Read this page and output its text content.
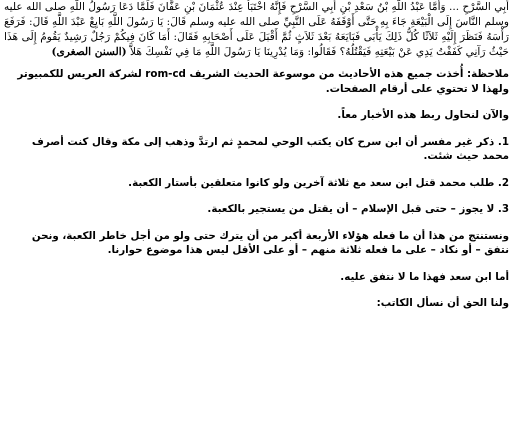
أَبِي السَّرْحِ ... وَأَمَّا عَبْدُ اللَّهِ بْنُ سَعْدِ بْنِ أَبِي السَّرْحِ فَإِنَّهُ اخْتَبَأَ عِنْدَ عُثْمَانَ بْنِ عَفَّانَ فَلَمَّا دَعَا رَسُولُ اللَّهِ صلى الله عليه وسلم النَّاسَ إِلَى الْبَيْعَةِ جَاءَ بِهِ حَتَّى أَوْقَفَهُ عَلَى النَّبِيِّ صلى الله عليه وسلم قَالَ: يَا رَسُولَ اللَّهِ بَايِعْ عَبْدَ اللَّهِ قَالَ: فَرَفَعَ رَأْسَهُ فَنَظَرَ إِلَيْهِ ثَلاَثًا كُلُّ ذَلِكَ يَأْبَى فَبَايَعَهُ بَعْدَ ثَلاَثٍ ثُمَّ أَقْبَلَ عَلَى أَصْحَابِهِ فَقَالَ: أَمَا كَانَ فِيكُمْ رَجُلٌ رَشِيدٌ يَقُومُ إِلَى هَذَا حَيْثُ رَآنِي كَفَفْتُ يَدِي عَنْ بَيْعَتِهِ فَيَقْتُلُهُ؟ فَقَالُوا: وَمَا يُدْرِينَا يَا رَسُولَ اللَّهِ مَا فِي نَفْسِكَ هَلاَّ (السنن الصغرى)

ملاحظة: أُخذت جميع هذه الأحاديث من موسوعة الحديث الشريف rom-cd لشركة العريس للكمبيوتر ولهذا لا تحتوي على أرقام الصفحات.

والآن لنحاول ربط هذه الأخبار معاً.

1. ذكر غير مفسر أن ابن سرح كان يكتب الوحي لمحمدٍ ثم ارتدَّ وذهب إلى مكة وقال كنت أصرف محمد حيث شئت.

2. طلب محمد قتل ابن سعد مع ثلاثة آخرين ولو كانوا متعلقين بأستار الكعبة.

3. لا يجوز – حتى قبل الإسلام – أن يقتل من يستجير بالكعبة.

ونستنتج من هذا أن ما فعله هؤلاء الأربعة أكبر من أن يترك حتى ولو من أجل خاطر الكعبة، ونحن نتفق – أو نكاد – على ما فعله ثلاثة منهم – أو على الأقل ليس هذا موضوع حوارنا.

أما ابن سعد فهذا ما لا نتفق عليه.

ولنا الحق أن نسأل الكاتب:
